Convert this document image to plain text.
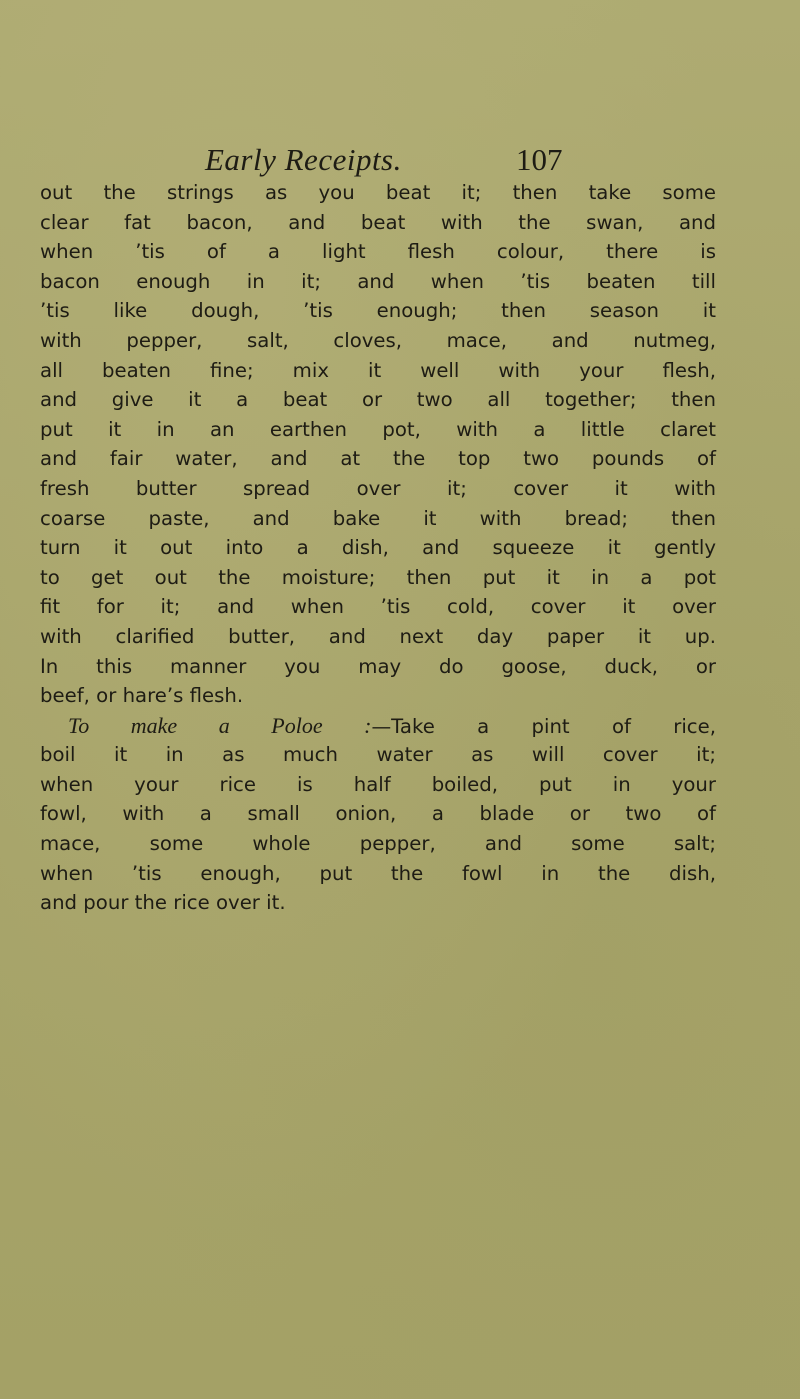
Early Receipts.	107
out the strings as you beat it; then take some
clear fat bacon, and beat with the swan, and
when ’tis of a light flesh colour, there is
bacon enough in it; and when ’tis beaten till
’tis like dough, ’tis enough; then season it
with pepper, salt, cloves, mace, and nutmeg,
all beaten fine; mix it well with your flesh,
and give it a beat or two all together; then
put it in an earthen pot, with a little claret
and fair water, and at the top two pounds of
fresh butter spread over it; cover it with
coarse paste, and bake it with bread; then
turn it out into a dish, and squeeze it gently
to get out the moisture; then put it in a pot
fit for it; and when ’tis cold, cover it over
with clarified butter, and next day paper it up.
In this manner you may do goose, duck, or
beef, or hare’s flesh.
To make a Poloe :—Take a pint of rice,
boil it in as much water as will cover it;
when your rice is half boiled, put in your
fowl, with a small onion, a blade or two of
mace, some whole pepper, and some salt;
when ’tis enough, put the fowl in the dish,
and pour the rice over it.
